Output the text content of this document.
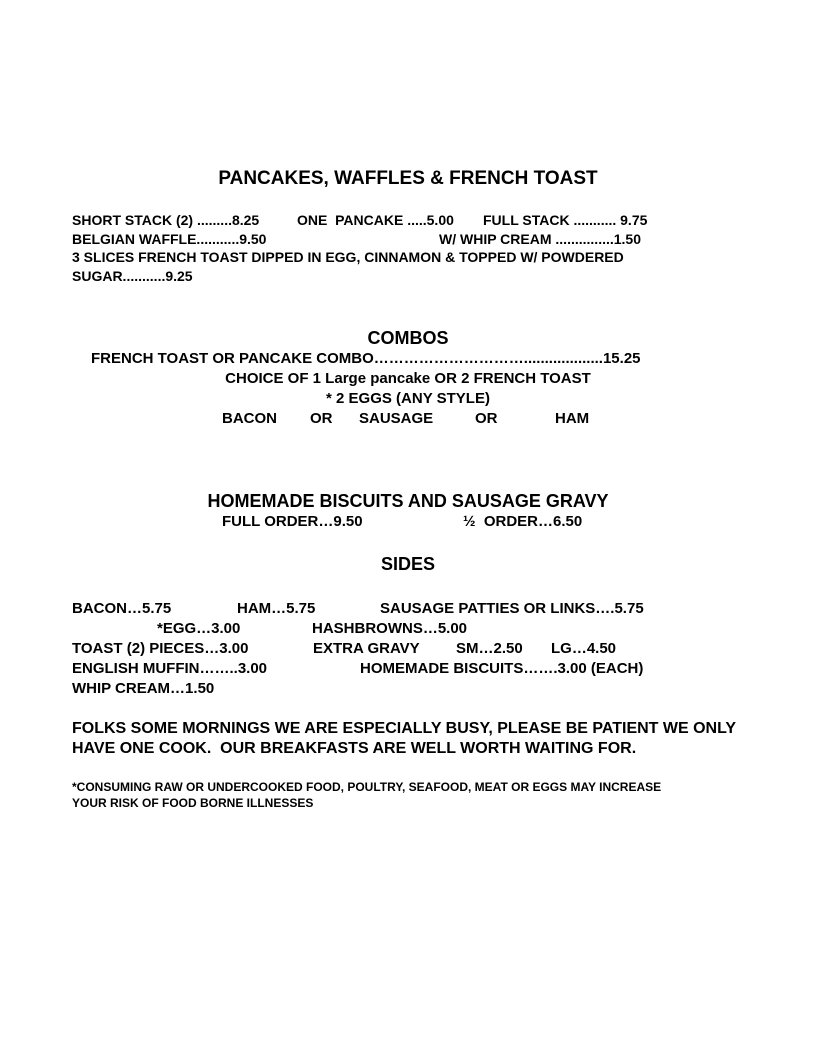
PANCAKES, WAFFLES & FRENCH TOAST
SHORT STACK (2) .........8.25	ONE  PANCAKE .....5.00 FULL STACK ........... 9.75
BELGIAN WAFFLE...........9.50	W/ WHIP CREAM ...............1.50
3 SLICES FRENCH TOAST DIPPED IN EGG, CINNAMON & TOPPED W/ POWDERED
SUGAR...........9.25
COMBOS
FRENCH TOAST OR PANCAKE COMBO…………………………...................15.25
CHOICE OF 1 Large pancake OR 2 FRENCH TOAST
* 2 EGGS (ANY STYLE)
BACON OR SAUSAGE	OR	HAM
HOMEMADE BISCUITS AND SAUSAGE GRAVY
FULL ORDER…9.50	½  ORDER…6.50
SIDES
BACON…5.75	HAM…5.75	SAUSAGE PATTIES OR LINKS….5.75
*EGG…3.00	HASHBROWNS…5.00
TOAST (2) PIECES…3.00	EXTRA GRAVY SM…2.50 LG…4.50
ENGLISH MUFFIN……..3.00	HOMEMADE BISCUITS…….3.00 (EACH)
WHIP CREAM…1.50
FOLKS SOME MORNINGS WE ARE ESPECIALLY BUSY, PLEASE BE PATIENT WE ONLY
HAVE ONE COOK.  OUR BREAKFASTS ARE WELL WORTH WAITING FOR.
*CONSUMING RAW OR UNDERCOOKED FOOD, POULTRY, SEAFOOD, MEAT OR EGGS MAY INCREASE
YOUR RISK OF FOOD BORNE ILLNESSES
